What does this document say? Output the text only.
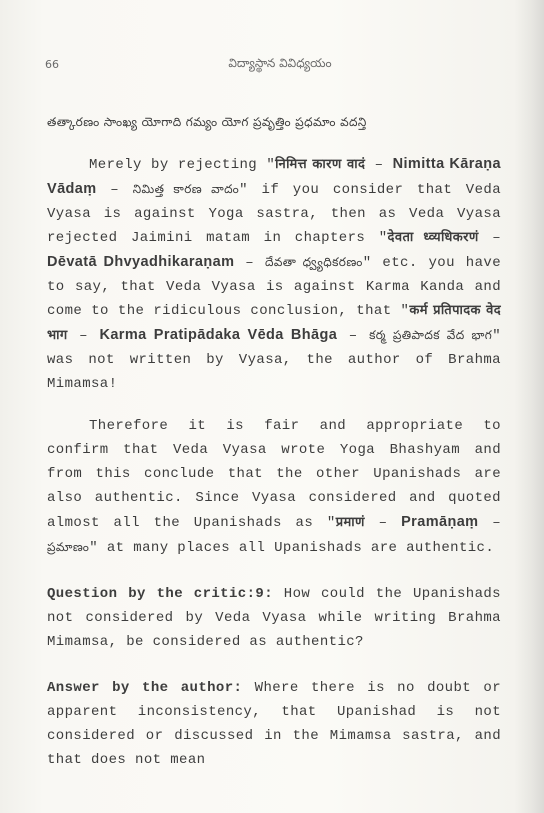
66	విద్యాస్థాన వివిధ్యయం

తత్కారణం సాంఖ్య యోగాది గమ్యం యోగ ప్రవృత్తిం ప్రధమాం వదన్తి

Merely by rejecting "निमित्त कारण वादं – Nimitta Kāraṇa Vādaṃ – నిమిత్త కారణ వాదం" if you consider that Veda Vyasa is against Yoga sastra, then as Veda Vyasa rejected Jaimini matam in chapters "देवता ध्व्यधिकरणं – Dēvatā Dhvyadhikaraṇam – దేవతా ధ్వ్యధికరణం" etc. you have to say, that Veda Vyasa is against Karma Kanda and come to the ridiculous conclusion, that "कर्म प्रतिपादक वेद भाग – Karma Pratipādaka Vēda Bhāga – కర్మ ప్రతిపాదక వేద భాగ" was not written by Vyasa, the author of Brahma Mimamsa!

Therefore it is fair and appropriate to confirm that Veda Vyasa wrote Yoga Bhashyam and from this conclude that the other Upanishads are also authentic. Since Vyasa considered and quoted almost all the Upanishads as "प्रमाणं – Pramāṇaṃ – ప్రమాణం" at many places all Upanishads are authentic.

Question by the critic:9: How could the Upanishads not considered by Veda Vyasa while writing Brahma Mimamsa, be considered as authentic?

Answer by the author: Where there is no doubt or apparent inconsistency, that Upanishad is not considered or discussed in the Mimamsa sastra, and that does not mean
